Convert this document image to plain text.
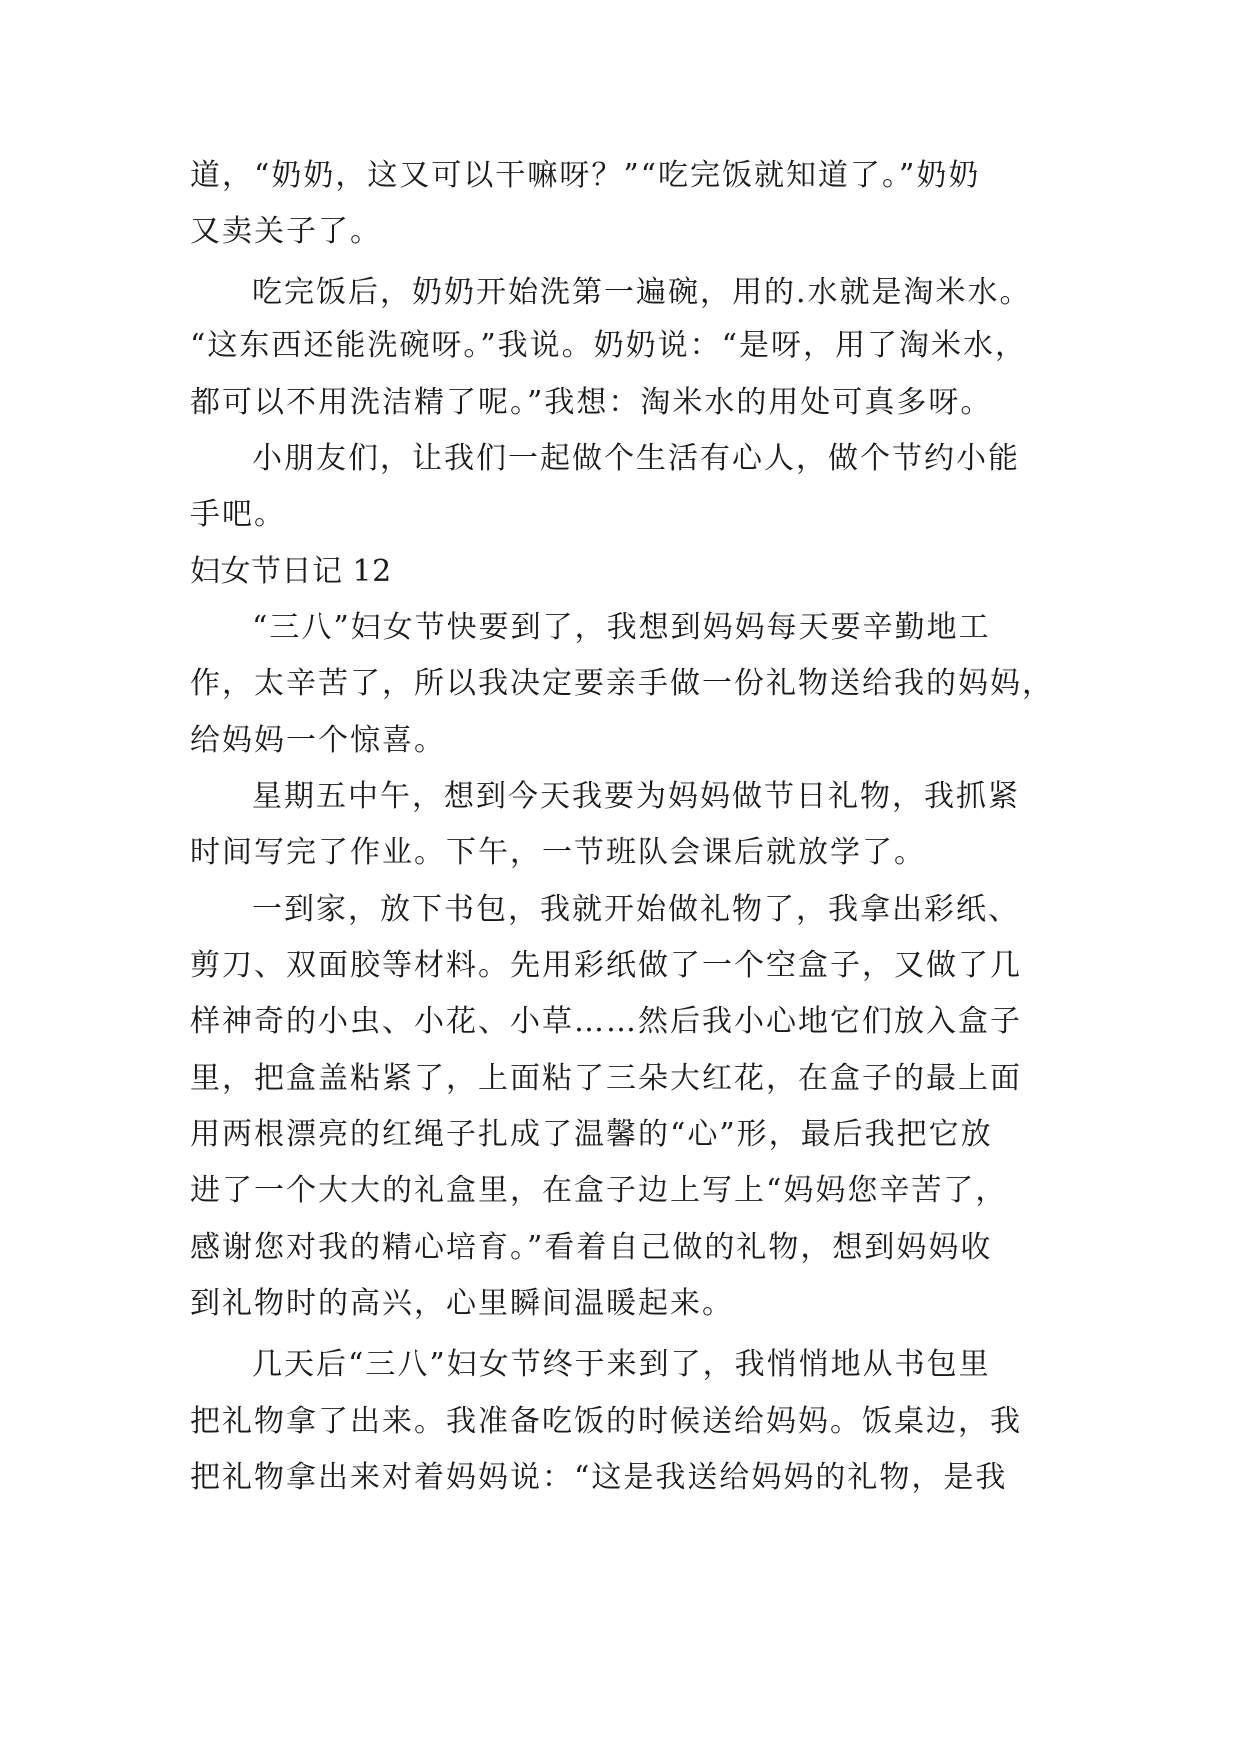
道，“奶奶，这又可以干嘛呀？”“吃完饭就知道了。”奶奶
又卖关子了。
吃完饭后，奶奶开始洗第一遍碗，用的.水就是淘米水。
“这东西还能洗碗呀。”我说。奶奶说：“是呀，用了淘米水，
都可以不用洗洁精了呢。”我想：淘米水的用处可真多呀。
小朋友们，让我们一起做个生活有心人，做个节约小能
手吧。
妇女节日记 12
“三八”妇女节快要到了，我想到妈妈每天要辛勤地工
作，太辛苦了，所以我决定要亲手做一份礼物送给我的妈妈，
给妈妈一个惊喜。
星期五中午，想到今天我要为妈妈做节日礼物，我抓紧
时间写完了作业。下午，一节班队会课后就放学了。
一到家，放下书包，我就开始做礼物了，我拿出彩纸、
剪刀、双面胶等材料。先用彩纸做了一个空盒子，又做了几
样神奇的小虫、小花、小草……然后我小心地它们放入盒子
里，把盒盖粘紧了，上面粘了三朵大红花，在盒子的最上面
用两根漂亮的红绳子扎成了温馨的“心”形，最后我把它放
进了一个大大的礼盒里，在盒子边上写上“妈妈您辛苦了，
感谢您对我的精心培育。”看着自己做的礼物，想到妈妈收
到礼物时的高兴，心里瞬间温暖起来。
几天后“三八”妇女节终于来到了，我悄悄地从书包里
把礼物拿了出来。我准备吃饭的时候送给妈妈。饭桌边，我
把礼物拿出来对着妈妈说：“这是我送给妈妈的礼物，是我
